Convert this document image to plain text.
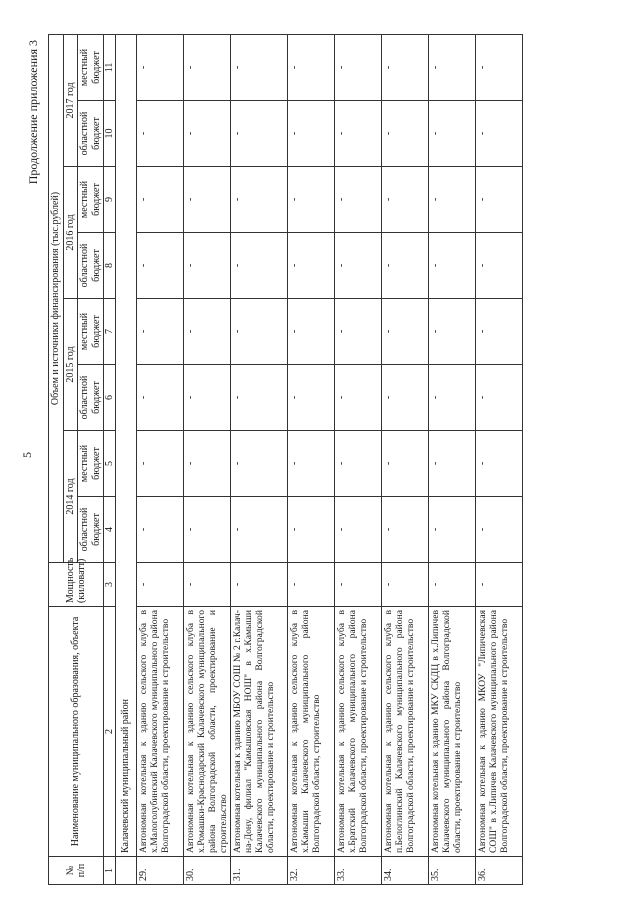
5
Продолжение приложения 3
№
п/п	Наименование муниципального образования, объекта	Мощность (киловатт)	Объем и источники финансирования (тыс.рублей)							
			2014 год		2015 год		2016 год		2017 год	
			областной бюджет	местный бюджет	областной бюджет	местный бюджет	областной бюджет	местный бюджет	областной бюджет	местный бюджет
1	2	3	4	5	6	7	8	9	10	11
	Калачевский муниципальный район									
29.	Автономная котельная к зданию сельского клуба в х.Малоголубинский Калачевского муниципального района Волгоградской области, проектирование и строительство	-	-	-	-	-	-	-	-	-
30.	Автономная котельная к зданию сельского клуба в х.Ромашки-Краснодарский Калачевского муниципального района Волгоградской области, проектирование и строительство	-	-	-	-	-	-	-	-	-
31.	Автономная котельная к зданию МБОУ СОШ № 2 г.Калач-на-Дону, филиал "Камышовская НОШ" в х.Камыши Калачевского муниципального района Волгоградской области, проектирование и строительство	-	-	-	-	-	-	-	-	-
32.	Автономная котельная к зданию сельского клуба в х.Камыши Калачевского муниципального района Волгоградской области, строительство	-	-	-	-	-	-	-	-	-
33.	Автономная котельная к зданию сельского клуба в х.Братский Калачевского муниципального района Волгоградской области, проектирование и строительство	-	-	-	-	-	-	-	-	-
34.	Автономная котельная к зданию сельского клуба в п.Белоглинский Калачевского муниципального района Волгоградской области, проектирование и строительство	-	-	-	-	-	-	-	-	-
35.	Автономная котельная к зданию МКУ СКДЦ в х.Липичев Калачевского муниципального района Волгоградской области, проектирование и строительство	-	-	-	-	-	-	-	-	-
36.	Автономная котельная к зданию МКОУ "Липичевская СОШ" в х.Липичев Калачевского муниципального района Волгоградской области, проектирование и строительство	-	-	-	-	-	-	-	-	-
